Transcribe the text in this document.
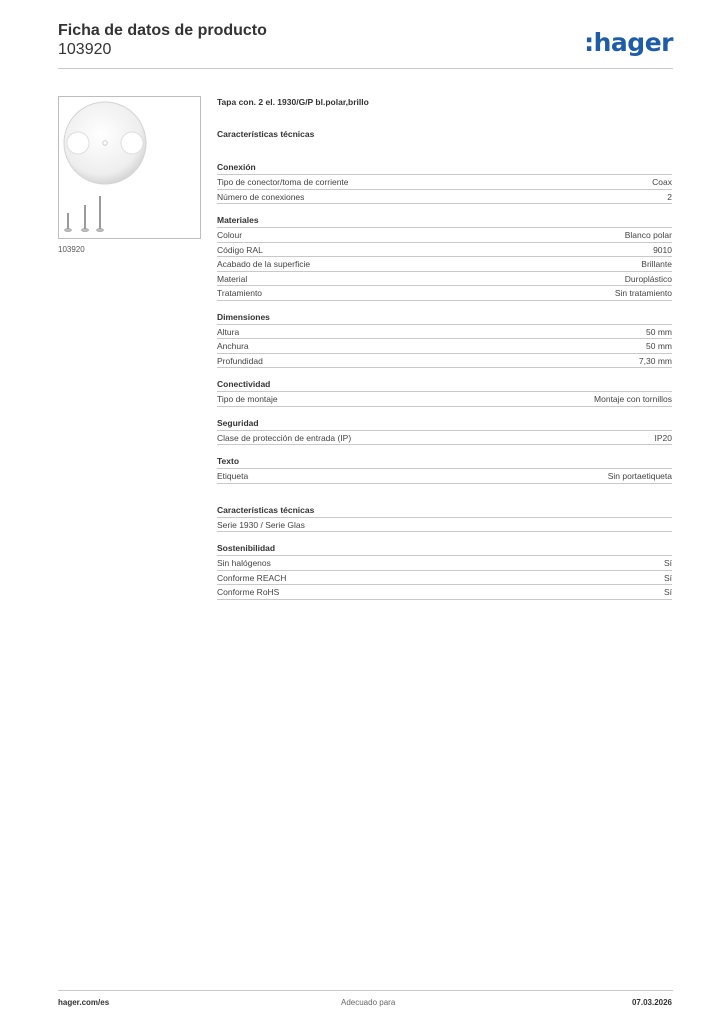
Ficha de datos de producto
103920	:hager
103920
Tapa con. 2 el. 1930/G/P bl.polar,brillo
Características técnicas
Conexión
Tipo de conector/toma de corriente	Coax
Número de conexiones	2
Materiales
Colour	Blanco polar
Código RAL	9010
Acabado de la superficie	Brillante
Material	Duroplástico
Tratamiento	Sin tratamiento
Dimensiones
Altura	50 mm
Anchura	50 mm
Profundidad	7,30 mm
Conectividad
Tipo de montaje	Montaje con tornillos
Seguridad
Clase de protección de entrada (IP)	IP20
Texto
Etiqueta	Sin portaetiqueta
Características técnicas
Serie 1930 / Serie Glas
Sostenibilidad
Sin halógenos	Sí
Conforme REACH	Sí
Conforme RoHS	Sí
hager.com/es	Adecuado para	07.03.2026
